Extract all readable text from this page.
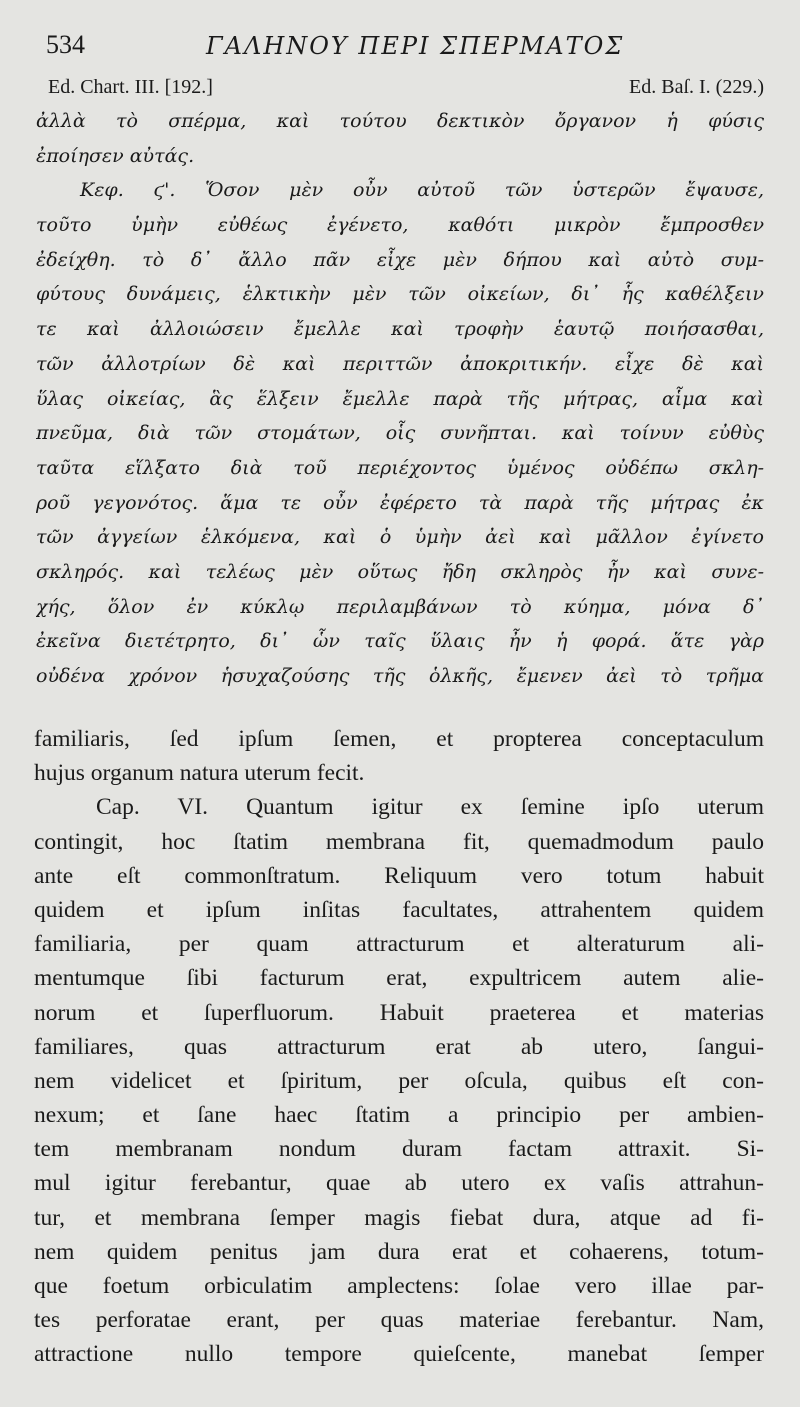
534	ΓΑΛΗΝΟΥ ΠΕΡΙ ΣΠΕΡΜΑΤΟΣ
Ed. Chart. III. [192.]	Ed. Baſ. I. (229.)
ἀλλὰ τὸ σπέρμα, καὶ τούτου δεκτικὸν ὄργανον ἡ φύσις
ἐποίησεν αὐτάς.
Κεφ. ϛ'. Ὅσον μὲν οὖν αὐτοῦ τῶν ὑστερῶν ἔψαυσε,
τοῦτο ὑμὴν εὐθέως ἐγένετο, καθότι μικρὸν ἔμπροσθεν
ἐδείχθη. τὸ δ᾽ ἄλλο πᾶν εἶχε μὲν δήπου καὶ αὐτὸ συμ-
φύτους δυνάμεις, ἑλκτικὴν μὲν τῶν οἰκείων, δι᾽ ἧς καθέλξειν
τε καὶ ἀλλοιώσειν ἔμελλε καὶ τροφὴν ἑαυτῷ ποιήσασθαι,
τῶν ἀλλοτρίων δὲ καὶ περιττῶν ἀποκριτικήν. εἶχε δὲ καὶ
ὕλας οἰκείας, ἃς ἕλξειν ἔμελλε παρὰ τῆς μήτρας, αἷμα καὶ
πνεῦμα, διὰ τῶν στομάτων, οἷς συνῆπται. καὶ τοίνυν εὐθὺς
ταῦτα εἵλξατο διὰ τοῦ περιέχοντος ὑμένος οὐδέπω σκλη-
ροῦ γεγονότος. ἅμα τε οὖν ἐφέρετο τὰ παρὰ τῆς μήτρας ἐκ
τῶν ἀγγείων ἑλκόμενα, καὶ ὁ ὑμὴν ἀεὶ καὶ μᾶλλον ἐγίνετο
σκληρός. καὶ τελέως μὲν οὕτως ἤδη σκληρὸς ἦν καὶ συνε-
χής, ὅλον ἐν κύκλῳ περιλαμβάνων τὸ κύημα, μόνα δ᾽
ἐκεῖνα διετέτρητο, δι᾽ ὧν ταῖς ὕλαις ἦν ἡ φορά. ἅτε γὰρ
οὐδένα χρόνον ἡσυχαζούσης τῆς ὁλκῆς, ἔμενεν ἀεὶ τὸ τρῆμα
familiaris, ſed ipſum ſemen, et propterea conceptaculum
hujus organum natura uterum fecit.
Cap. VI. Quantum igitur ex ſemine ipſo uterum
contingit, hoc ſtatim membrana fit, quemadmodum paulo
ante eſt commonſtratum. Reliquum vero totum habuit
quidem et ipſum inſitas facultates, attrahentem quidem
familiaria, per quam attracturum et alteraturum ali-
mentumque ſibi facturum erat, expultricem autem alie-
norum et ſuperfluorum. Habuit praeterea et materias
familiares, quas attracturum erat ab utero, ſangui-
nem videlicet et ſpiritum, per oſcula, quibus eſt con-
nexum; et ſane haec ſtatim a principio per ambien-
tem membranam nondum duram factam attraxit. Si-
mul igitur ferebantur, quae ab utero ex vaſis attrahun-
tur, et membrana ſemper magis fiebat dura, atque ad fi-
nem quidem penitus jam dura erat et cohaerens, totum-
que foetum orbiculatim amplectens: ſolae vero illae par-
tes perforatae erant, per quas materiae ferebantur. Nam,
attractione nullo tempore quieſcente, manebat ſemper
